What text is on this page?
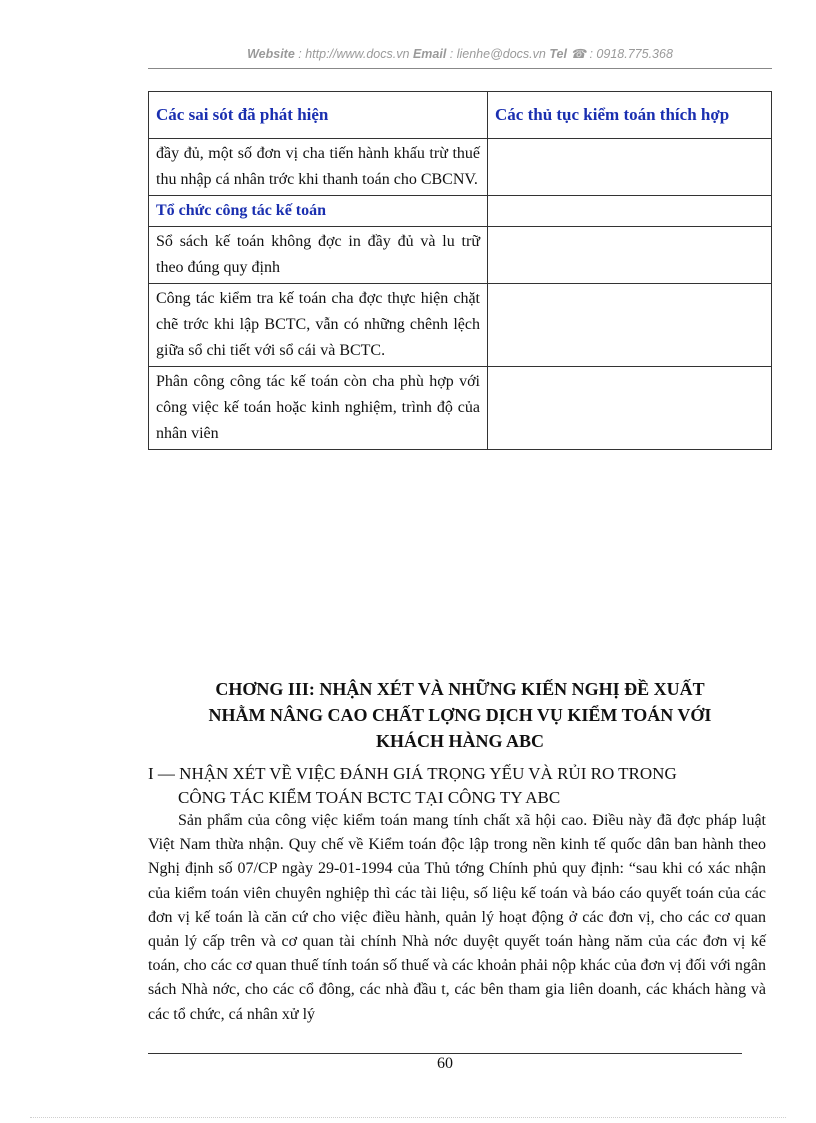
Website : http://www.docs.vn Email : lienhe@docs.vn Tel ☎ : 0918.775.368
Các sai sót đã phát hiện	Các thủ tục kiểm toán thích hợp
đầy đủ, một số đơn vị cha tiến hành khấu trừ thuế thu nhập cá nhân trớc khi thanh toán cho CBCNV.	
Tổ chức công tác kế toán	
Sổ sách kế toán không đợc in đầy đủ và lu trữ theo đúng quy định	
Công tác kiểm tra kế toán cha đợc thực hiện chặt chẽ trớc khi lập BCTC, vẫn có những chênh lệch giữa sổ chi tiết với sổ cái và BCTC.	
Phân công công tác kế toán còn cha phù hợp với công việc kế toán hoặc kinh nghiệm, trình độ của nhân viên	
CHƠNG III: NHẬN XÉT VÀ NHỮNG KIẾN NGHỊ ĐỀ XUẤT
NHẰM NÂNG CAO CHẤT LỢNG DỊCH VỤ KIỂM TOÁN VỚI
KHÁCH HÀNG ABC
I — NHẬN XÉT VỀ VIỆC ĐÁNH GIÁ TRỌNG YẾU VÀ RỦI RO TRONG
CÔNG TÁC KIỂM TOÁN BCTC TẠI CÔNG TY ABC
Sản phẩm của công việc kiểm toán mang tính chất xã hội cao. Điều này đã đợc pháp luật Việt Nam thừa nhận. Quy chế về Kiểm toán độc lập trong nền kinh tế quốc dân ban hành theo Nghị định số 07/CP ngày 29-01-1994 của Thủ tớng Chính phủ quy định: “sau khi có xác nhận của kiểm toán viên chuyên nghiệp thì các tài liệu, số liệu kế toán và báo cáo quyết toán của các đơn vị kế toán là căn cứ cho việc điều hành, quản lý hoạt động ở các đơn vị, cho các cơ quan quản lý cấp trên và cơ quan tài chính Nhà nớc duyệt quyết toán hàng năm của các đơn vị kế toán, cho các cơ quan thuế tính toán số thuế và các khoản phải nộp khác của đơn vị đối với ngân sách Nhà nớc, cho các cổ đông, các nhà đầu t, các bên tham gia liên doanh, các khách hàng và các tổ chức, cá nhân xử lý
60
